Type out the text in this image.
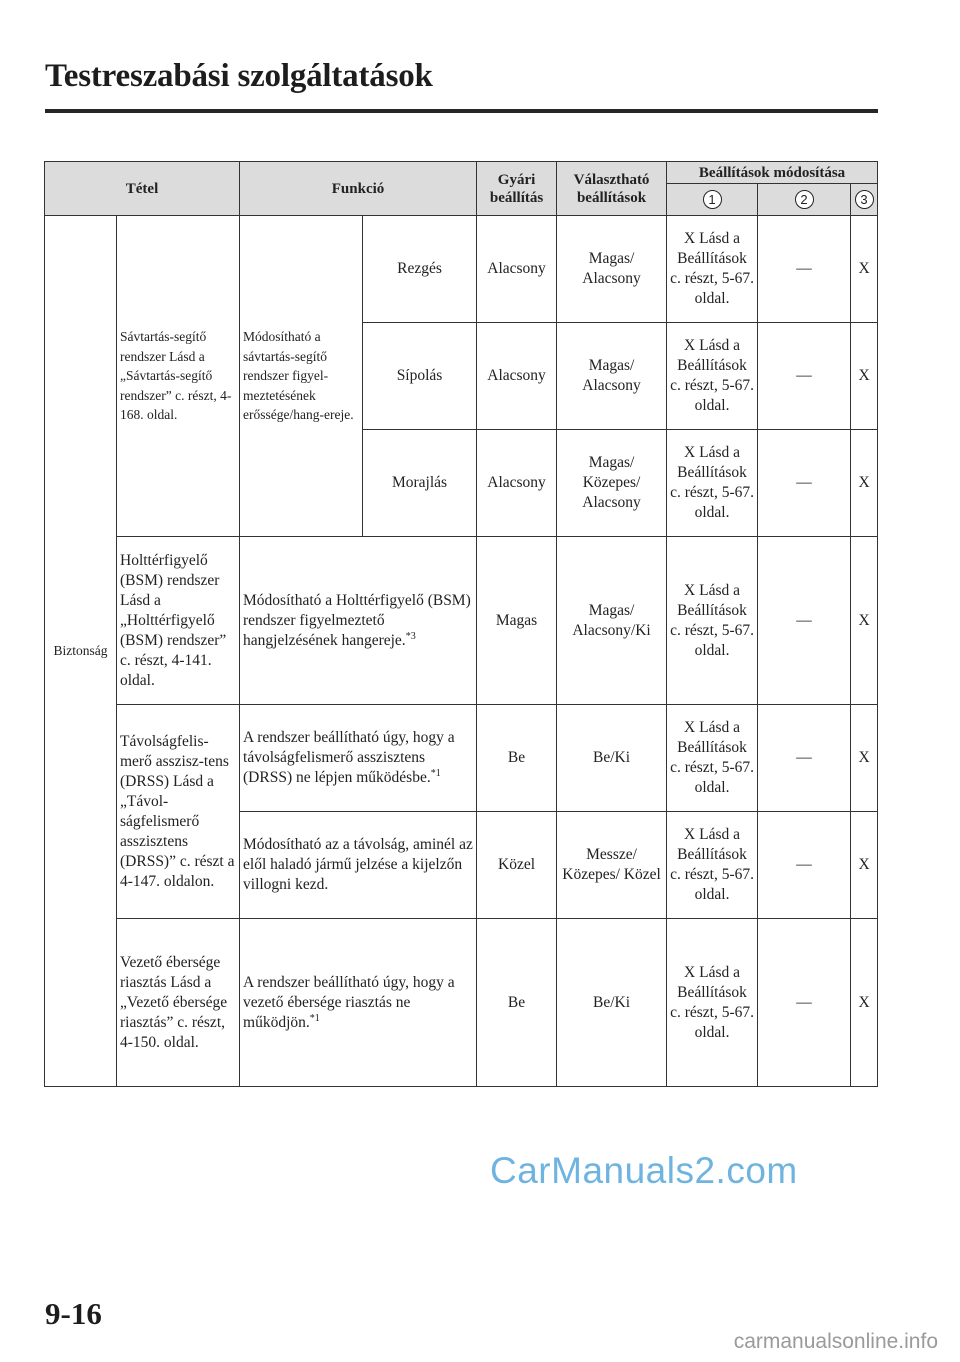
Testreszabási szolgáltatások
Tétel		Funkció		Gyári beállítás	Választható beállítások	Beállítások módosítása		
						1	2	3
Biztonság	Sávtartás-segítő rendszer Lásd a „Sávtartás-segítő rendszer” c. részt, 4-168. oldal.	Módosítható a sávtartás-segítő rendszer figyel-meztetésének erőssége/hang-ereje.	Rezgés	Alacsony	Magas/ Alacsony	X Lásd a Beállítások c. részt, 5-67. oldal.	—	X
			Sípolás	Alacsony	Magas/ Alacsony	X Lásd a Beállítások c. részt, 5-67. oldal.	—	X
			Morajlás	Alacsony	Magas/ Közepes/ Alacsony	X Lásd a Beállítások c. részt, 5-67. oldal.	—	X
	Holttérfigyelő (BSM) rendszer Lásd a „Holttérfigyelő (BSM) rendszer” c. részt, 4-141. oldal.	Módosítható a Holttérfigyelő (BSM) rendszer figyelmeztető hangjelzésének hangereje.$^{*3}$		Magas	Magas/ Alacsony/Ki	X Lásd a Beállítások c. részt, 5-67. oldal.	—	X
	Távolságfelis-merő asszisz-tens (DRSS) Lásd a „Távol-ságfelismerő asszisztens (DRSS)” c. részt a 4-147. oldalon.	A rendszer beállítható úgy, hogy a távolságfelismerő asszisztens (DRSS) ne lépjen működésbe.$^{*1}$		Be	Be/Ki	X Lásd a Beállítások c. részt, 5-67. oldal.	—	X
		Módosítható az a távolság, aminél az elől haladó jármű jelzése a kijelzőn villogni kezd.		Közel	Messze/ Közepes/ Közel	X Lásd a Beállítások c. részt, 5-67. oldal.	—	X
	Vezető ébersége riasztás Lásd a „Vezető ébersége riasztás” c. részt, 4-150. oldal.	A rendszer beállítható úgy, hogy a vezető ébersége riasztás ne működjön.$^{*1}$		Be	Be/Ki	X Lásd a Beállítások c. részt, 5-67. oldal.	—	X
CarManuals2.com
9-16
carmanualsonline.info
